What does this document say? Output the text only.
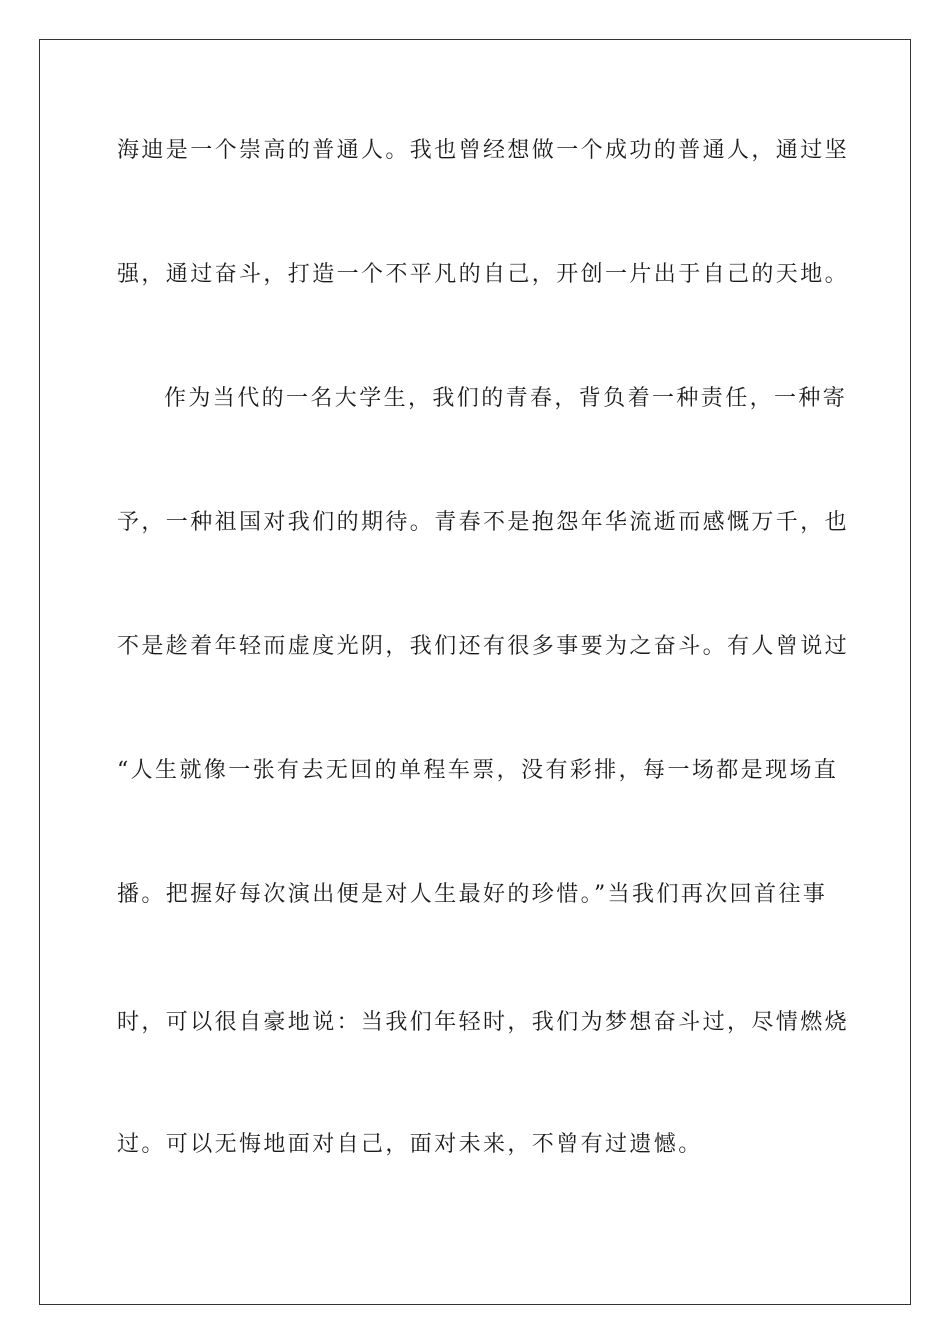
海迪是一个崇高的普通人。我也曾经想做一个成功的普通人，通过坚
强，通过奋斗，打造一个不平凡的自己，开创一片出于自己的天地。
作为当代的一名大学生，我们的青春，背负着一种责任，一种寄
予，一种祖国对我们的期待。青春不是抱怨年华流逝而感慨万千，也
不是趁着年轻而虚度光阴，我们还有很多事要为之奋斗。有人曾说过
“人生就像一张有去无回的单程车票，没有彩排，每一场都是现场直
播。把握好每次演出便是对人生最好的珍惜。”当我们再次回首往事
时，可以很自豪地说：当我们年轻时，我们为梦想奋斗过，尽情燃烧
过。可以无悔地面对自己，面对未来，不曾有过遗憾。
